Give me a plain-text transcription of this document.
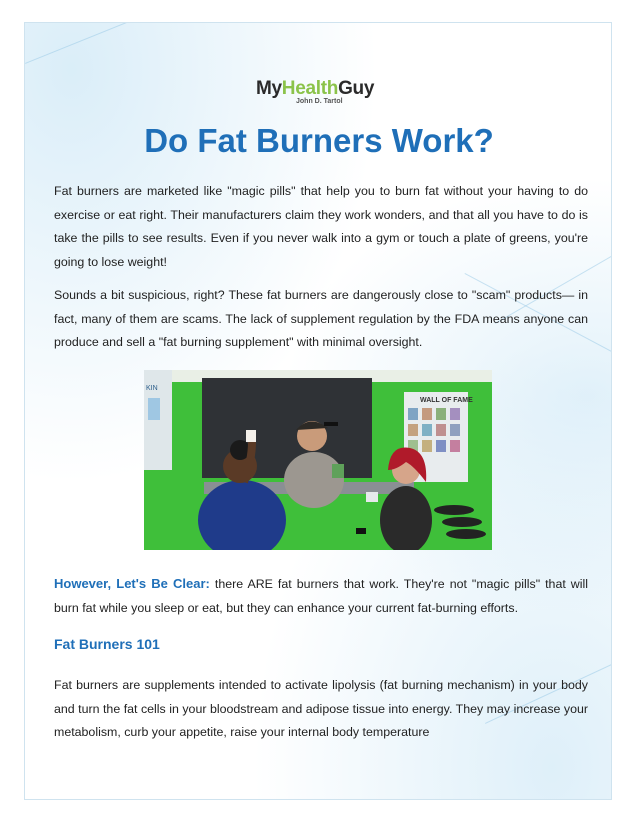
MyHealthGuy
John D. Tartol
Do Fat Burners Work?
Fat burners are marketed like "magic pills" that help you to burn fat without your having to do exercise or eat right. Their manufacturers claim they work wonders, and that all you have to do is take the pills to see results. Even if you never walk into a gym or touch a plate of greens, you're going to lose weight!
Sounds a bit suspicious, right? These fat burners are dangerously close to "scam" products— in fact, many of them are scams. The lack of supplement regulation by the FDA means anyone can produce and sell a "fat burning supplement" with minimal oversight.
KIN
WALL OF FAME
However, Let's Be Clear: there ARE fat burners that work. They're not "magic pills" that will burn fat while you sleep or eat, but they can enhance your current fat-burning efforts.
Fat Burners 101
Fat burners are supplements intended to activate lipolysis (fat burning mechanism) in your body and turn the fat cells in your bloodstream and adipose tissue into energy. They may increase your metabolism, curb your appetite, raise your internal body temperature
